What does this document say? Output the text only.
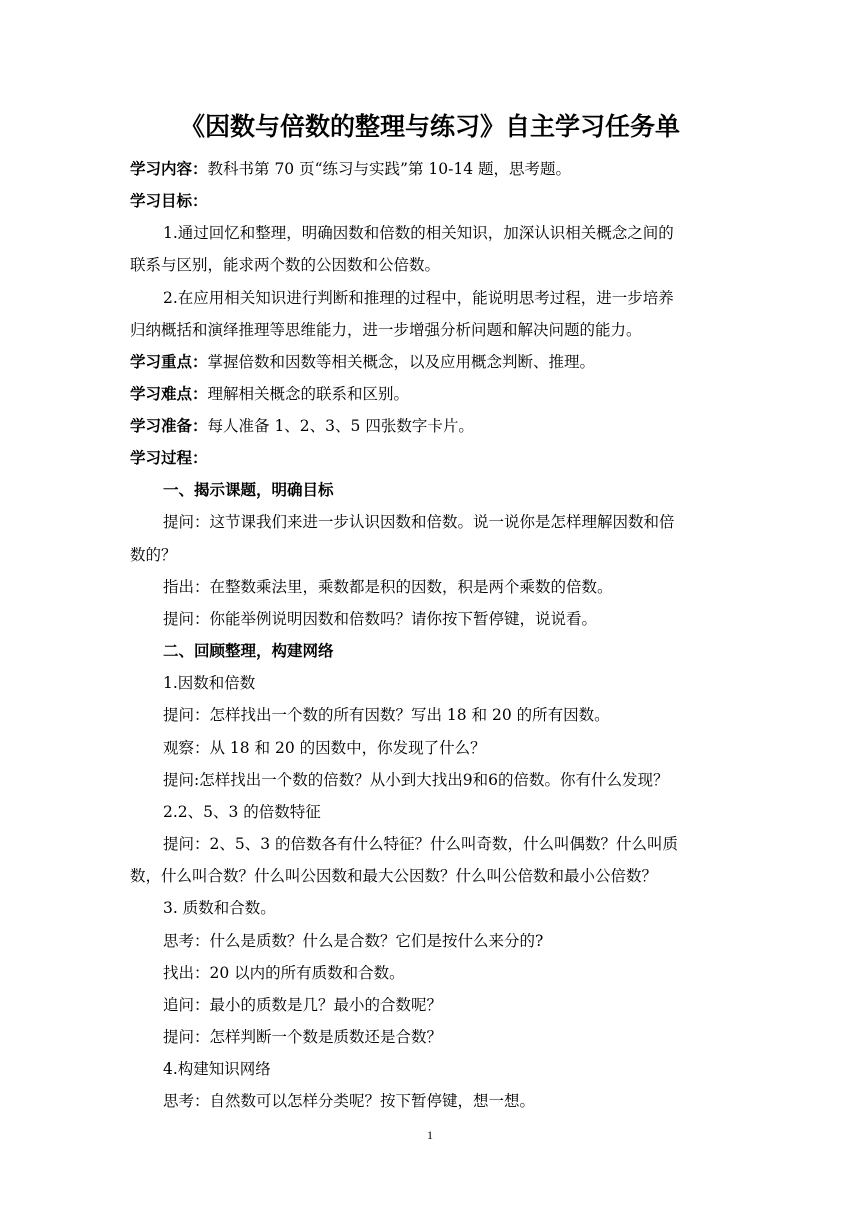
《因数与倍数的整理与练习》自主学习任务单
学习内容：教科书第 70 页“练习与实践”第 10-14 题，思考题。
学习目标：
1.通过回忆和整理，明确因数和倍数的相关知识，加深认识相关概念之间的
联系与区别，能求两个数的公因数和公倍数。
2.在应用相关知识进行判断和推理的过程中，能说明思考过程，进一步培养
归纳概括和演绎推理等思维能力，进一步增强分析问题和解决问题的能力。
学习重点：掌握倍数和因数等相关概念，以及应用概念判断、推理。
学习难点：理解相关概念的联系和区别。
学习准备：每人准备 1、2、3、5 四张数字卡片。
学习过程：
一、揭示课题，明确目标
提问：这节课我们来进一步认识因数和倍数。说一说你是怎样理解因数和倍
数的？
指出：在整数乘法里，乘数都是积的因数，积是两个乘数的倍数。
提问：你能举例说明因数和倍数吗？请你按下暂停键，说说看。
二、回顾整理，构建网络
1.因数和倍数
提问：怎样找出一个数的所有因数？写出 18 和 20 的所有因数。
观察：从 18 和 20 的因数中，你发现了什么？
提问:怎样找出一个数的倍数？从小到大找出9和6的倍数。你有什么发现？
2.2、5、3 的倍数特征
提问：2、5、3 的倍数各有什么特征？什么叫奇数，什么叫偶数？什么叫质
数，什么叫合数？什么叫公因数和最大公因数？什么叫公倍数和最小公倍数？
3. 质数和合数。
思考：什么是质数？什么是合数？它们是按什么来分的?
找出：20 以内的所有质数和合数。
追问：最小的质数是几？最小的合数呢？
提问：怎样判断一个数是质数还是合数？
4.构建知识网络
思考：自然数可以怎样分类呢？按下暂停键，想一想。
1
